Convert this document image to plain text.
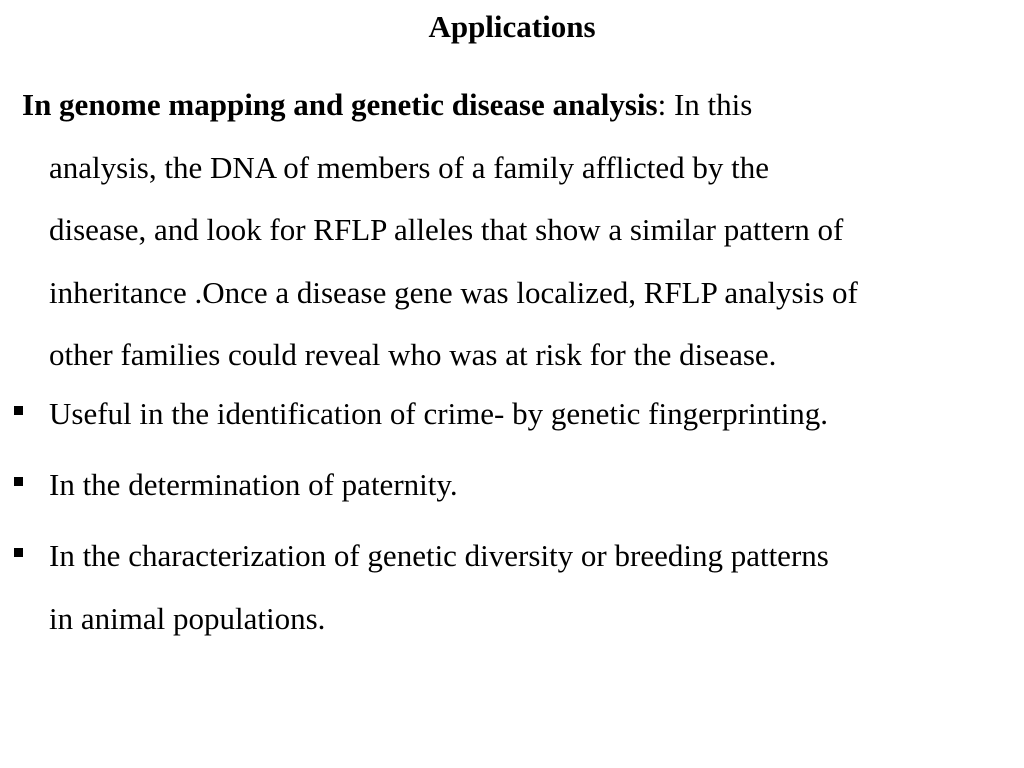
Applications

In genome mapping and genetic disease analysis: In this
analysis, the DNA of members of a family afflicted by the
disease, and look for RFLP alleles that show a similar pattern of
inheritance .Once a disease gene was localized, RFLP analysis of
other families could reveal who was at risk for the disease.

Useful in the identification of crime- by genetic fingerprinting.
In the determination of paternity.
In the characterization of genetic diversity or breeding patterns
in animal populations.
